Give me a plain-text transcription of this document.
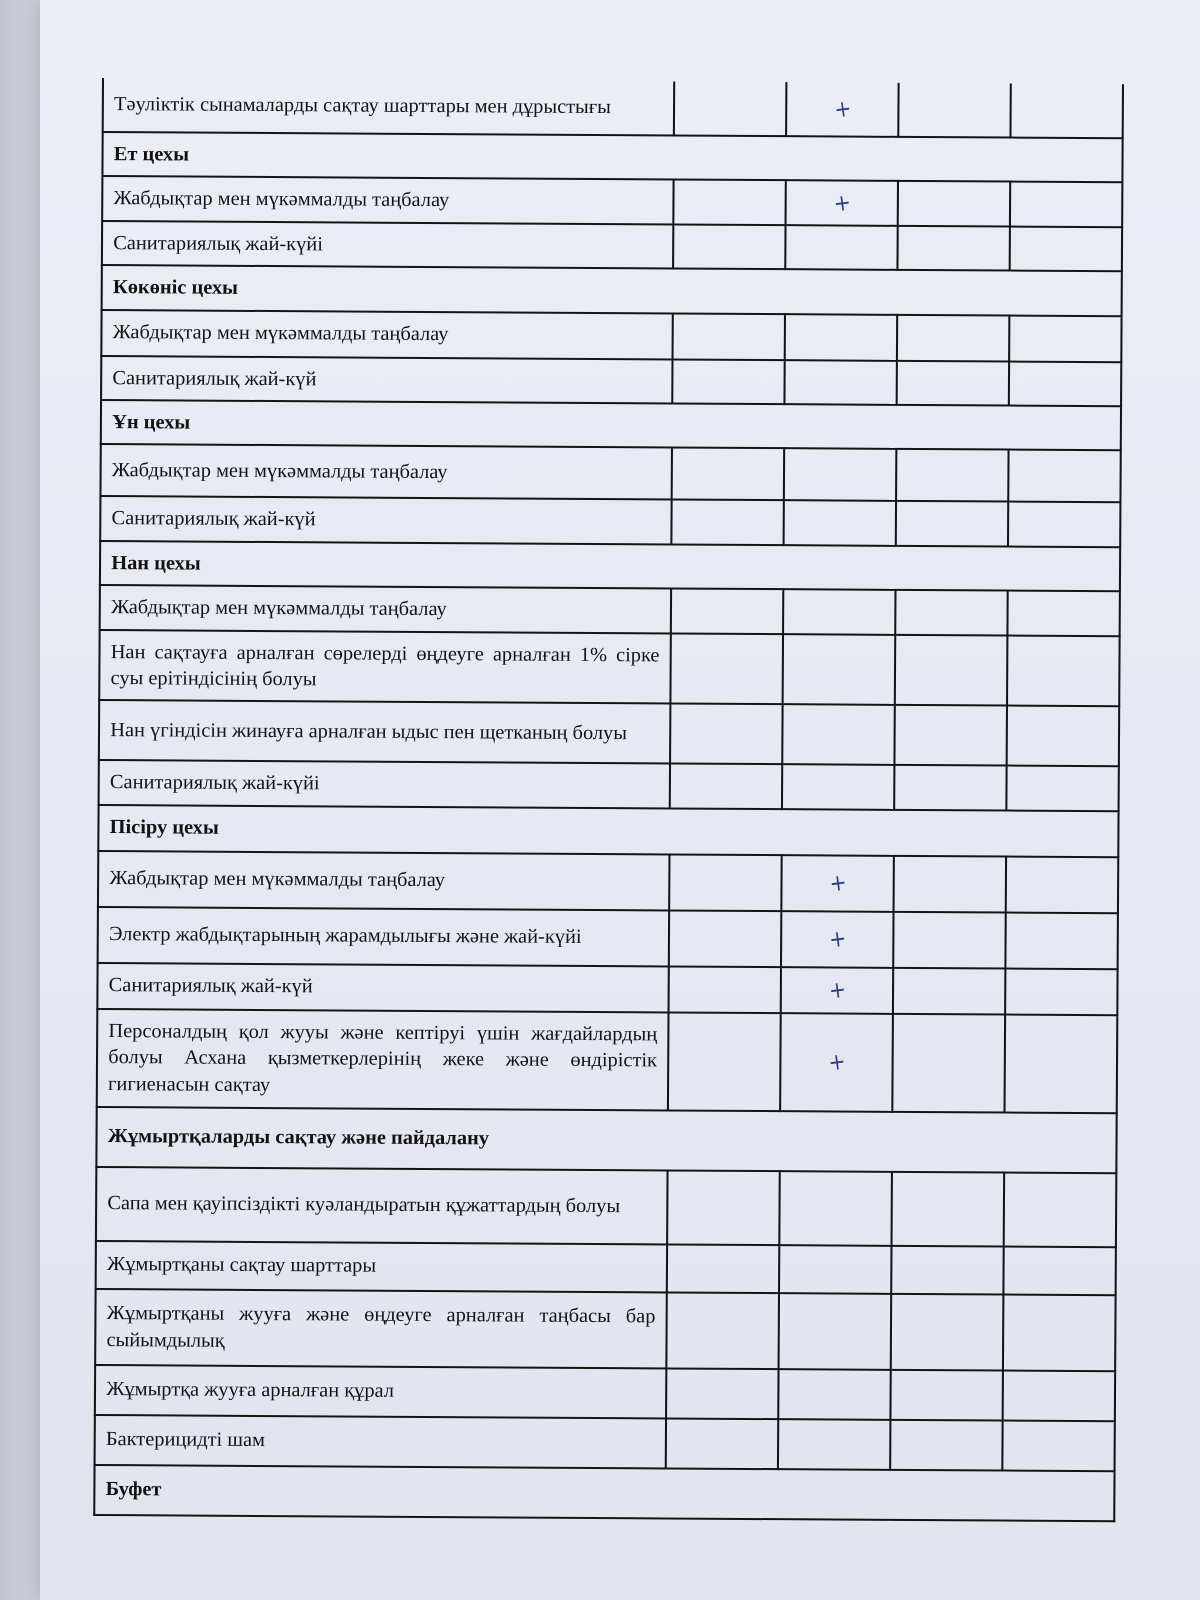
Тәуліктік сынамаларды сақтау шарттары мен дұрыстығы		+		
Ет цехы				
Жабдықтар мен мүкәммалды таңбалау		+		
Санитариялық жай-күйі				
Көкөніс цехы				
Жабдықтар мен мүкәммалды таңбалау				
Санитариялық жай-күй				
Ұн цехы				
Жабдықтар мен мүкәммалды таңбалау				
Санитариялық жай-күй				
Нан цехы				
Жабдықтар мен мүкәммалды таңбалау				
Нан сақтауға арналған сөрелерді өңдеуге арналған 1% сірке суы ерітіндісінің болуы				
Нан үгіндісін жинауға арналған ыдыс пен щетканың болуы				
Санитариялық жай-күйі				
Пісіру цехы				
Жабдықтар мен мүкәммалды таңбалау		+		
Электр жабдықтарының жарамдылығы және жай-күйі		+		
Санитариялық жай-күй		+		
Персоналдың қол жууы және кептіруі үшін жағдайлардың болуы Асхана қызметкерлерінің жеке және өндірістік гигиенасын сақтау		+		
Жұмыртқаларды сақтау және пайдалану				
Сапа мен қауіпсіздікті куәландыратын құжаттардың болуы				
Жұмыртқаны сақтау шарттары				
Жұмыртқаны жууға және өңдеуге арналған таңбасы бар сыйымдылық				
Жұмыртқа жууға арналған құрал				
Бактерицидті шам				
Буфет				
